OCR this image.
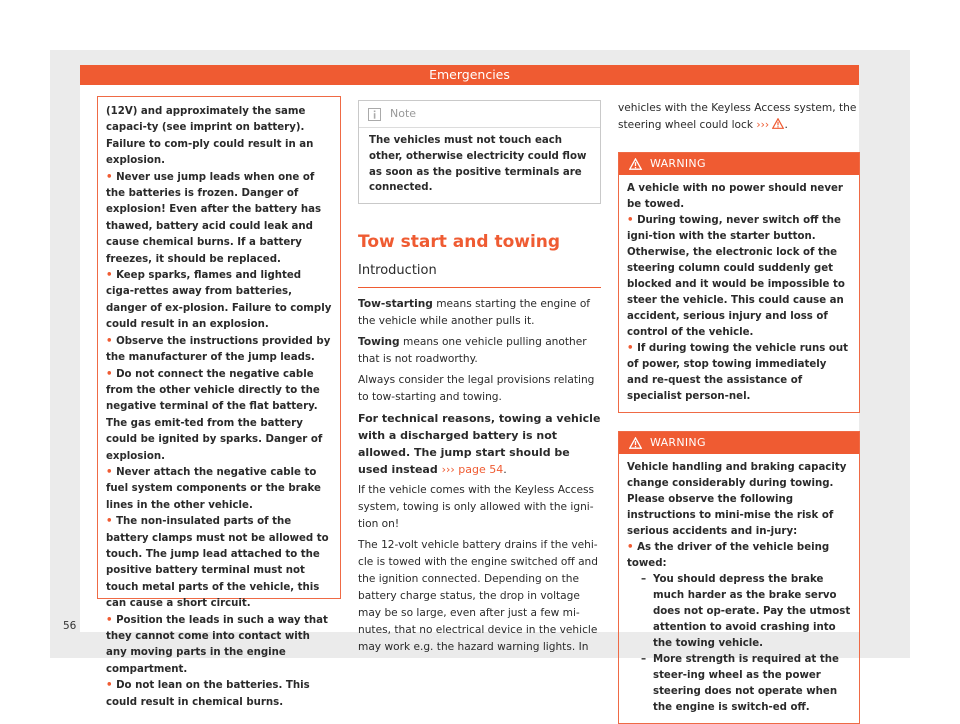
Emergencies

(12V) and approximately the same capaci-ty (see imprint on battery). Failure to com-ply could result in an explosion.

• Never use jump leads when one of the batteries is frozen. Danger of explosion! Even after the battery has thawed, battery acid could leak and cause chemical burns. If a battery freezes, it should be replaced.

• Keep sparks, flames and lighted ciga-rettes away from batteries, danger of ex-plosion. Failure to comply could result in an explosion.

• Observe the instructions provided by the manufacturer of the jump leads.

• Do not connect the negative cable from the other vehicle directly to the negative terminal of the flat battery. The gas emit-ted from the battery could be ignited by sparks. Danger of explosion.

• Never attach the negative cable to fuel system components or the brake lines in the other vehicle.

• The non-insulated parts of the battery clamps must not be allowed to touch. The jump lead attached to the positive battery terminal must not touch metal parts of the vehicle, this can cause a short circuit.

• Position the leads in such a way that they cannot come into contact with any moving parts in the engine compartment.

• Do not lean on the batteries. This could result in chemical burns.

Note
The vehicles must not touch each other, otherwise electricity could flow as soon as the positive terminals are connected.
Tow start and towing
Introduction

Tow-starting means starting the engine of the vehicle while another pulls it.

Towing means one vehicle pulling another that is not roadworthy.

Always consider the legal provisions relating to tow-starting and towing.

For technical reasons, towing a vehicle with a discharged battery is not allowed. The jump start should be used instead ››› page 54.

If the vehicle comes with the Keyless Access system, towing is only allowed with the igni-tion on!

The 12-volt vehicle battery drains if the vehi-cle is towed with the engine switched off and the ignition connected. Depending on the battery charge status, the drop in voltage may be so large, even after just a few mi-nutes, that no electrical device in the vehicle may work e.g. the hazard warning lights. In

vehicles with the Keyless Access system, the steering wheel could lock ››› .

WARNING

A vehicle with no power should never be towed.

• During towing, never switch off the igni-tion with the starter button. Otherwise, the electronic lock of the steering column could suddenly get blocked and it would be impossible to steer the vehicle. This could cause an accident, serious injury and loss of control of the vehicle.

• If during towing the vehicle runs out of power, stop towing immediately and re-quest the assistance of specialist person-nel.

WARNING

Vehicle handling and braking capacity change considerably during towing. Please observe the following instructions to mini-mise the risk of serious accidents and in-jury:

• As the driver of the vehicle being towed:

– You should depress the brake much harder as the brake servo does not op-erate. Pay the utmost attention to avoid crashing into the towing vehicle.
– More strength is required at the steer-ing wheel as the power steering does not operate when the engine is switch-ed off.
56
